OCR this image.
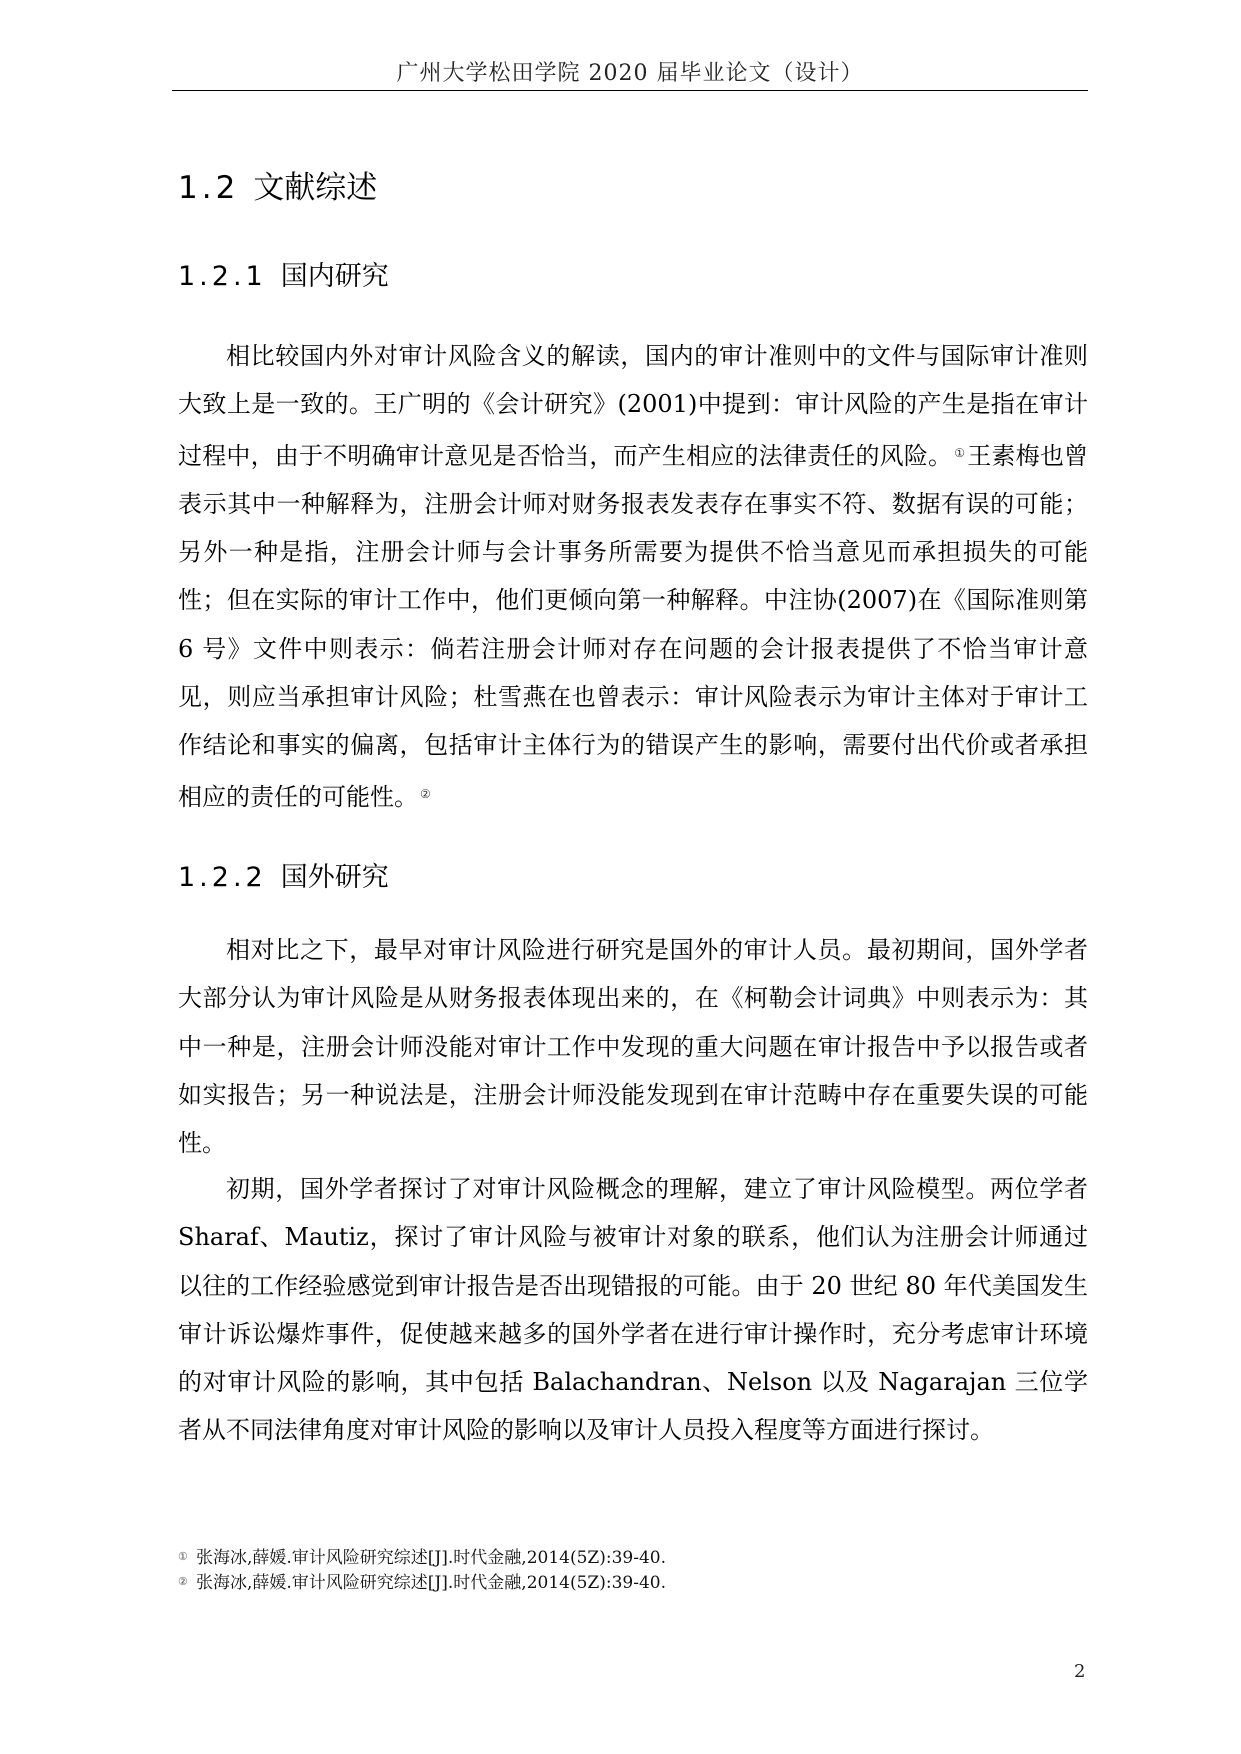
广州大学松田学院 2020 届毕业论文（设计）
1.2 文献综述
1.2.1 国内研究

相比较国内外对审计风险含义的解读，国内的审计准则中的文件与国际审计准则大致上是一致的。王广明的《会计研究》(2001)中提到：审计风险的产生是指在审计过程中，由于不明确审计意见是否恰当，而产生相应的法律责任的风险。 ①王素梅也曾表示其中一种解释为，注册会计师对财务报表发表存在事实不符、数据有误的可能；另外一种是指，注册会计师与会计事务所需要为提供不恰当意见而承担损失的可能性；但在实际的审计工作中，他们更倾向第一种解释。中注协(2007)在《国际准则第 6 号》文件中则表示：倘若注册会计师对存在问题的会计报表提供了不恰当审计意见，则应当承担审计风险；杜雪燕在也曾表示：审计风险表示为审计主体对于审计工作结论和事实的偏离，包括审计主体行为的错误产生的影响，需要付出代价或者承担相应的责任的可能性。 ②

1.2.2 国外研究

相对比之下，最早对审计风险进行研究是国外的审计人员。最初期间，国外学者大部分认为审计风险是从财务报表体现出来的，在《柯勒会计词典》中则表示为：其中一种是，注册会计师没能对审计工作中发现的重大问题在审计报告中予以报告或者如实报告；另一种说法是，注册会计师没能发现到在审计范畴中存在重要失误的可能性。

初期，国外学者探讨了对审计风险概念的理解，建立了审计风险模型。两位学者 Sharaf、Mautiz，探讨了审计风险与被审计对象的联系，他们认为注册会计师通过 以往的工作经验感觉到审计报告是否出现错报的可能。由于 20 世纪 80 年代美国发生审计诉讼爆炸事件，促使越来越多的国外学者在进行审计操作时，充分考虑审计环境的对审计风险的影响，其中包括 Balachandran、Nelson 以及 Nagarajan 三位学者从不同法律角度对审计风险的影响以及审计人员投入程度等方面进行探讨。

① 张海冰,薛媛.审计风险研究综述[J].时代金融,2014(5Z):39-40.
② 张海冰,薛媛.审计风险研究综述[J].时代金融,2014(5Z):39-40.
2
